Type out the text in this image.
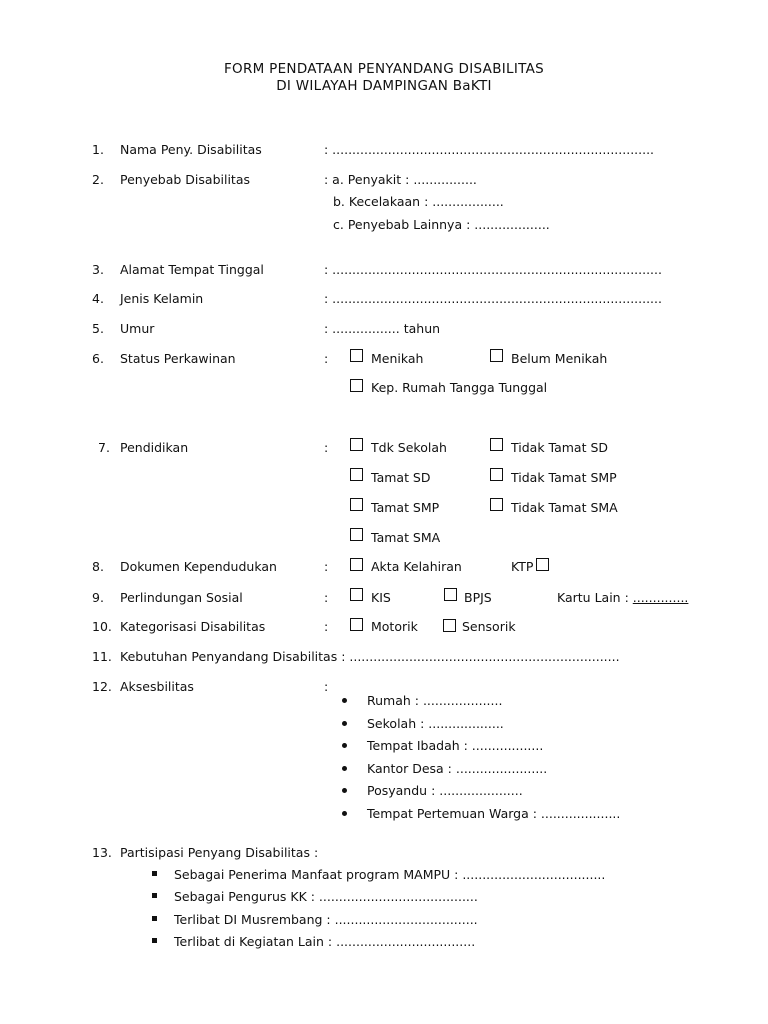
FORM PENDATAAN PENYANDANG DISABILITAS
DI WILAYAH DAMPINGAN BaKTI
1. Nama Peny. Disabilitas	: .................................................................................
2. Penyebab Disabilitas	: a. Penyakit : ................
b. Kecelakaan : ..................
c. Penyebab Lainnya : ...................
3. Alamat Tempat Tinggal	: ...................................................................................
4. Jenis Kelamin	: ...................................................................................
5. Umur	: ................. tahun
6. Status Perkawinan	:	Menikah	Belum Menikah
Kep. Rumah Tangga Tunggal
7. Pendidikan	:	Tdk Sekolah	Tidak Tamat SD
Tamat SD	Tidak Tamat SMP
Tamat SMP	Tidak Tamat SMA
Tamat SMA
8. Dokumen Kependudukan	:	Akta Kelahiran	KTP
9. Perlindungan Sosial	:	KIS	BPJS	Kartu Lain : ..............
10. Kategorisasi Disabilitas	:	Motorik	Sensorik
11. Kebutuhan Penyandang Disabilitas : ....................................................................
12. Aksesbilitas	:
Rumah : ....................
Sekolah : ...................
Tempat Ibadah : ..................
Kantor Desa : .......................
Posyandu : .....................
Tempat Pertemuan Warga : ....................
13. Partisipasi Penyang Disabilitas :
Sebagai Penerima Manfaat program MAMPU : ....................................
Sebagai Pengurus KK : ........................................
Terlibat DI Musrembang : ....................................
Terlibat di Kegiatan Lain : ...................................
